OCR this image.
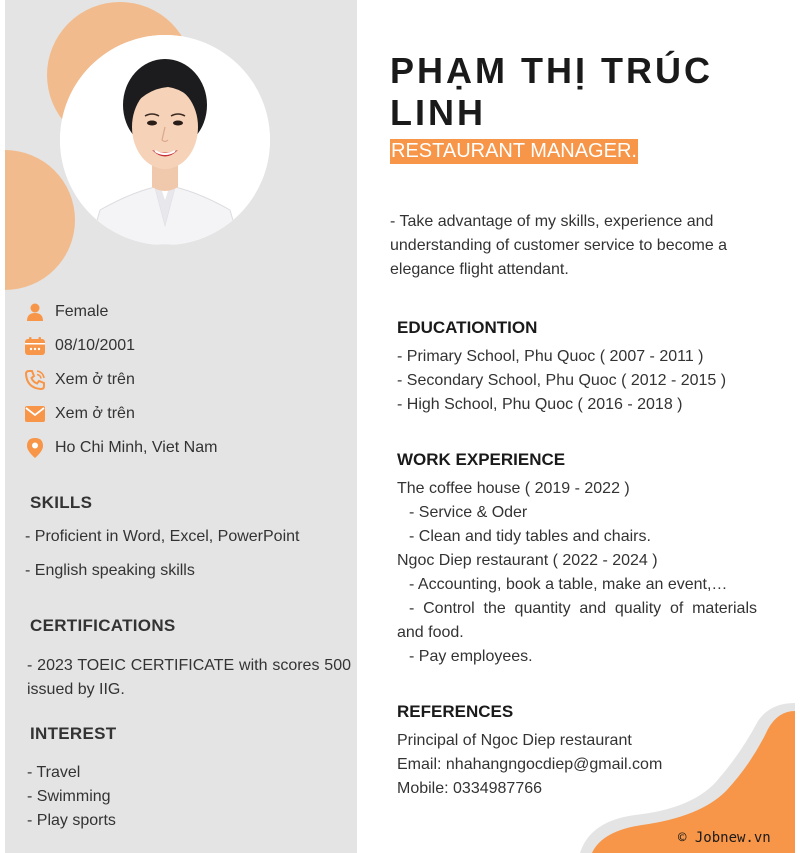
Female
08/10/2001
Xem ở trên
Xem ở trên
Ho Chi Minh, Viet Nam
SKILLS
- Proficient in Word, Excel, PowerPoint
- English speaking skills
CERTIFICATIONS
- 2023 TOEIC CERTIFICATE with scores 500 issued by IIG.
INTEREST
- Travel
- Swimming
- Play sports
PHẠM THỊ TRÚC LINH
RESTAURANT MANAGER.
- Take advantage of my skills, experience and understanding of customer service to become a elegance flight attendant.
EDUCATIONTION
- Primary School, Phu Quoc ( 2007 - 2011 )
- Secondary School, Phu Quoc ( 2012 - 2015 )
- High School, Phu Quoc ( 2016 - 2018 )
WORK EXPERIENCE
The coffee house ( 2019 - 2022 )
- Service & Oder
- Clean and tidy tables and chairs.
Ngoc Diep restaurant ( 2022 - 2024 )
- Accounting, book a table, make an event,…
- Control the quantity and quality of materials and food.
- Pay employees.
REFERENCES
Principal of Ngoc Diep restaurant
Email: nhahangngocdiep@gmail.com
Mobile: 0334987766
© Jobnew.vn
